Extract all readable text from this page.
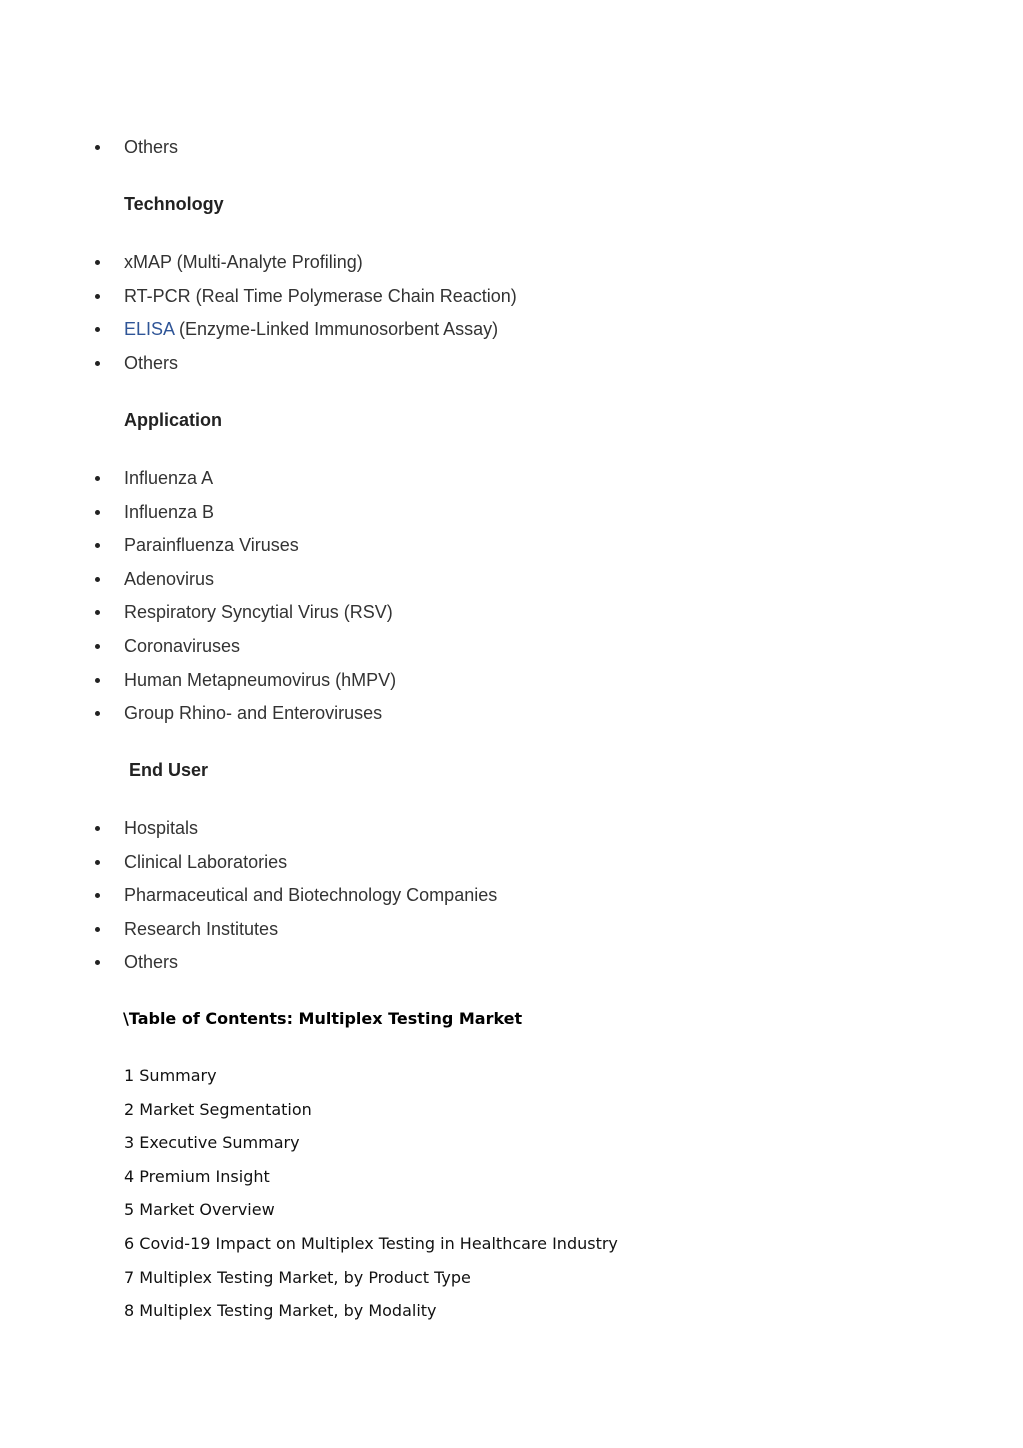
Others
Technology
xMAP (Multi-Analyte Profiling)
RT-PCR (Real Time Polymerase Chain Reaction)
ELISA (Enzyme-Linked Immunosorbent Assay)
Others
Application
Influenza A
Influenza B
Parainfluenza Viruses
Adenovirus
Respiratory Syncytial Virus (RSV)
Coronaviruses
Human Metapneumovirus (hMPV)
Group Rhino- and Enteroviruses
End User
Hospitals
Clinical Laboratories
Pharmaceutical and Biotechnology Companies
Research Institutes
Others
\Table of Contents: Multiplex Testing Market
1 Summary
2 Market Segmentation
3 Executive Summary
4 Premium Insight
5 Market Overview
6 Covid-19 Impact on Multiplex Testing in Healthcare Industry
7 Multiplex Testing Market, by Product Type
8 Multiplex Testing Market, by Modality
